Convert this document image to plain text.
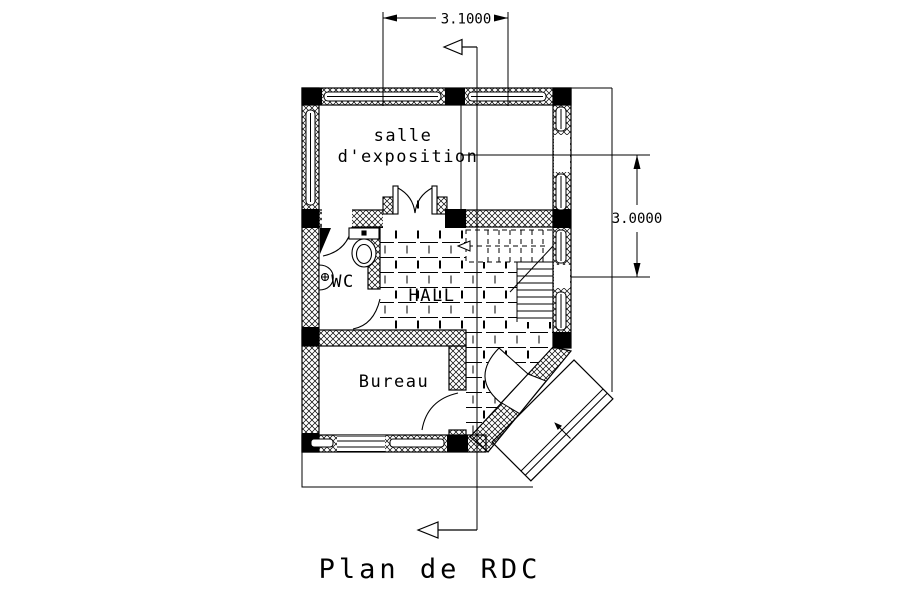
3.1000
3.0000
salle
d'exposition
WC
HALL
Bureau
Plan de RDC
